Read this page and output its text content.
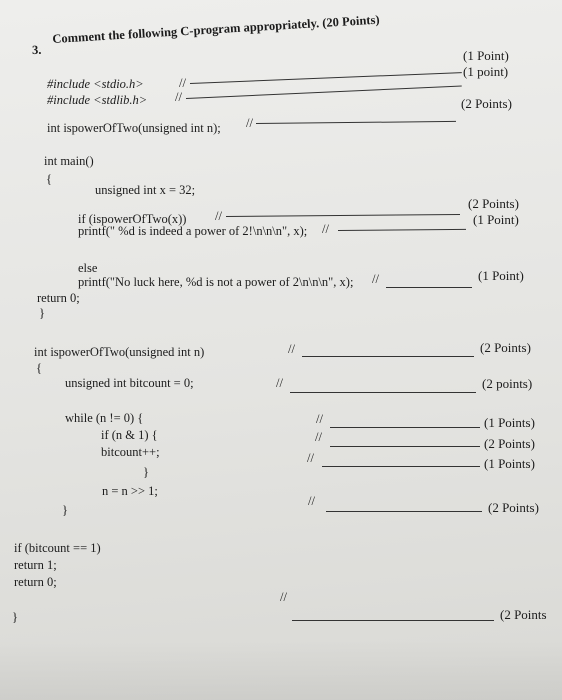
3.
Comment the following C-program appropriately. (20 Points)
#include <stdio.h>
#include <stdlib.h>
//
//
(1 Point)
(1 point)
int ispowerOfTwo(unsigned int n); //
(2 Points)
int main()
{
unsigned int x = 32;
if (ispowerOfTwo(x)) //
(2 Points)
printf(" %d is indeed a power of 2!\n\n\n", x); //
(1 Point)
else
printf("No luck here, %d is not a power of 2\n\n\n", x); //	(1 Point)
return 0;
}
int ispowerOfTwo(unsigned int n)	//	(2 Points)
{
unsigned int bitcount = 0;	//	(2 points)
while (n != 0) {	//	(1 Points)
if (n & 1) {	//	(2 Points)
bitcount++;	//	(1 Points)
}
n = n >> 1;
//	(2 Points)
}
if (bitcount == 1)
return 1;
return 0;
//
(2 Points
}
